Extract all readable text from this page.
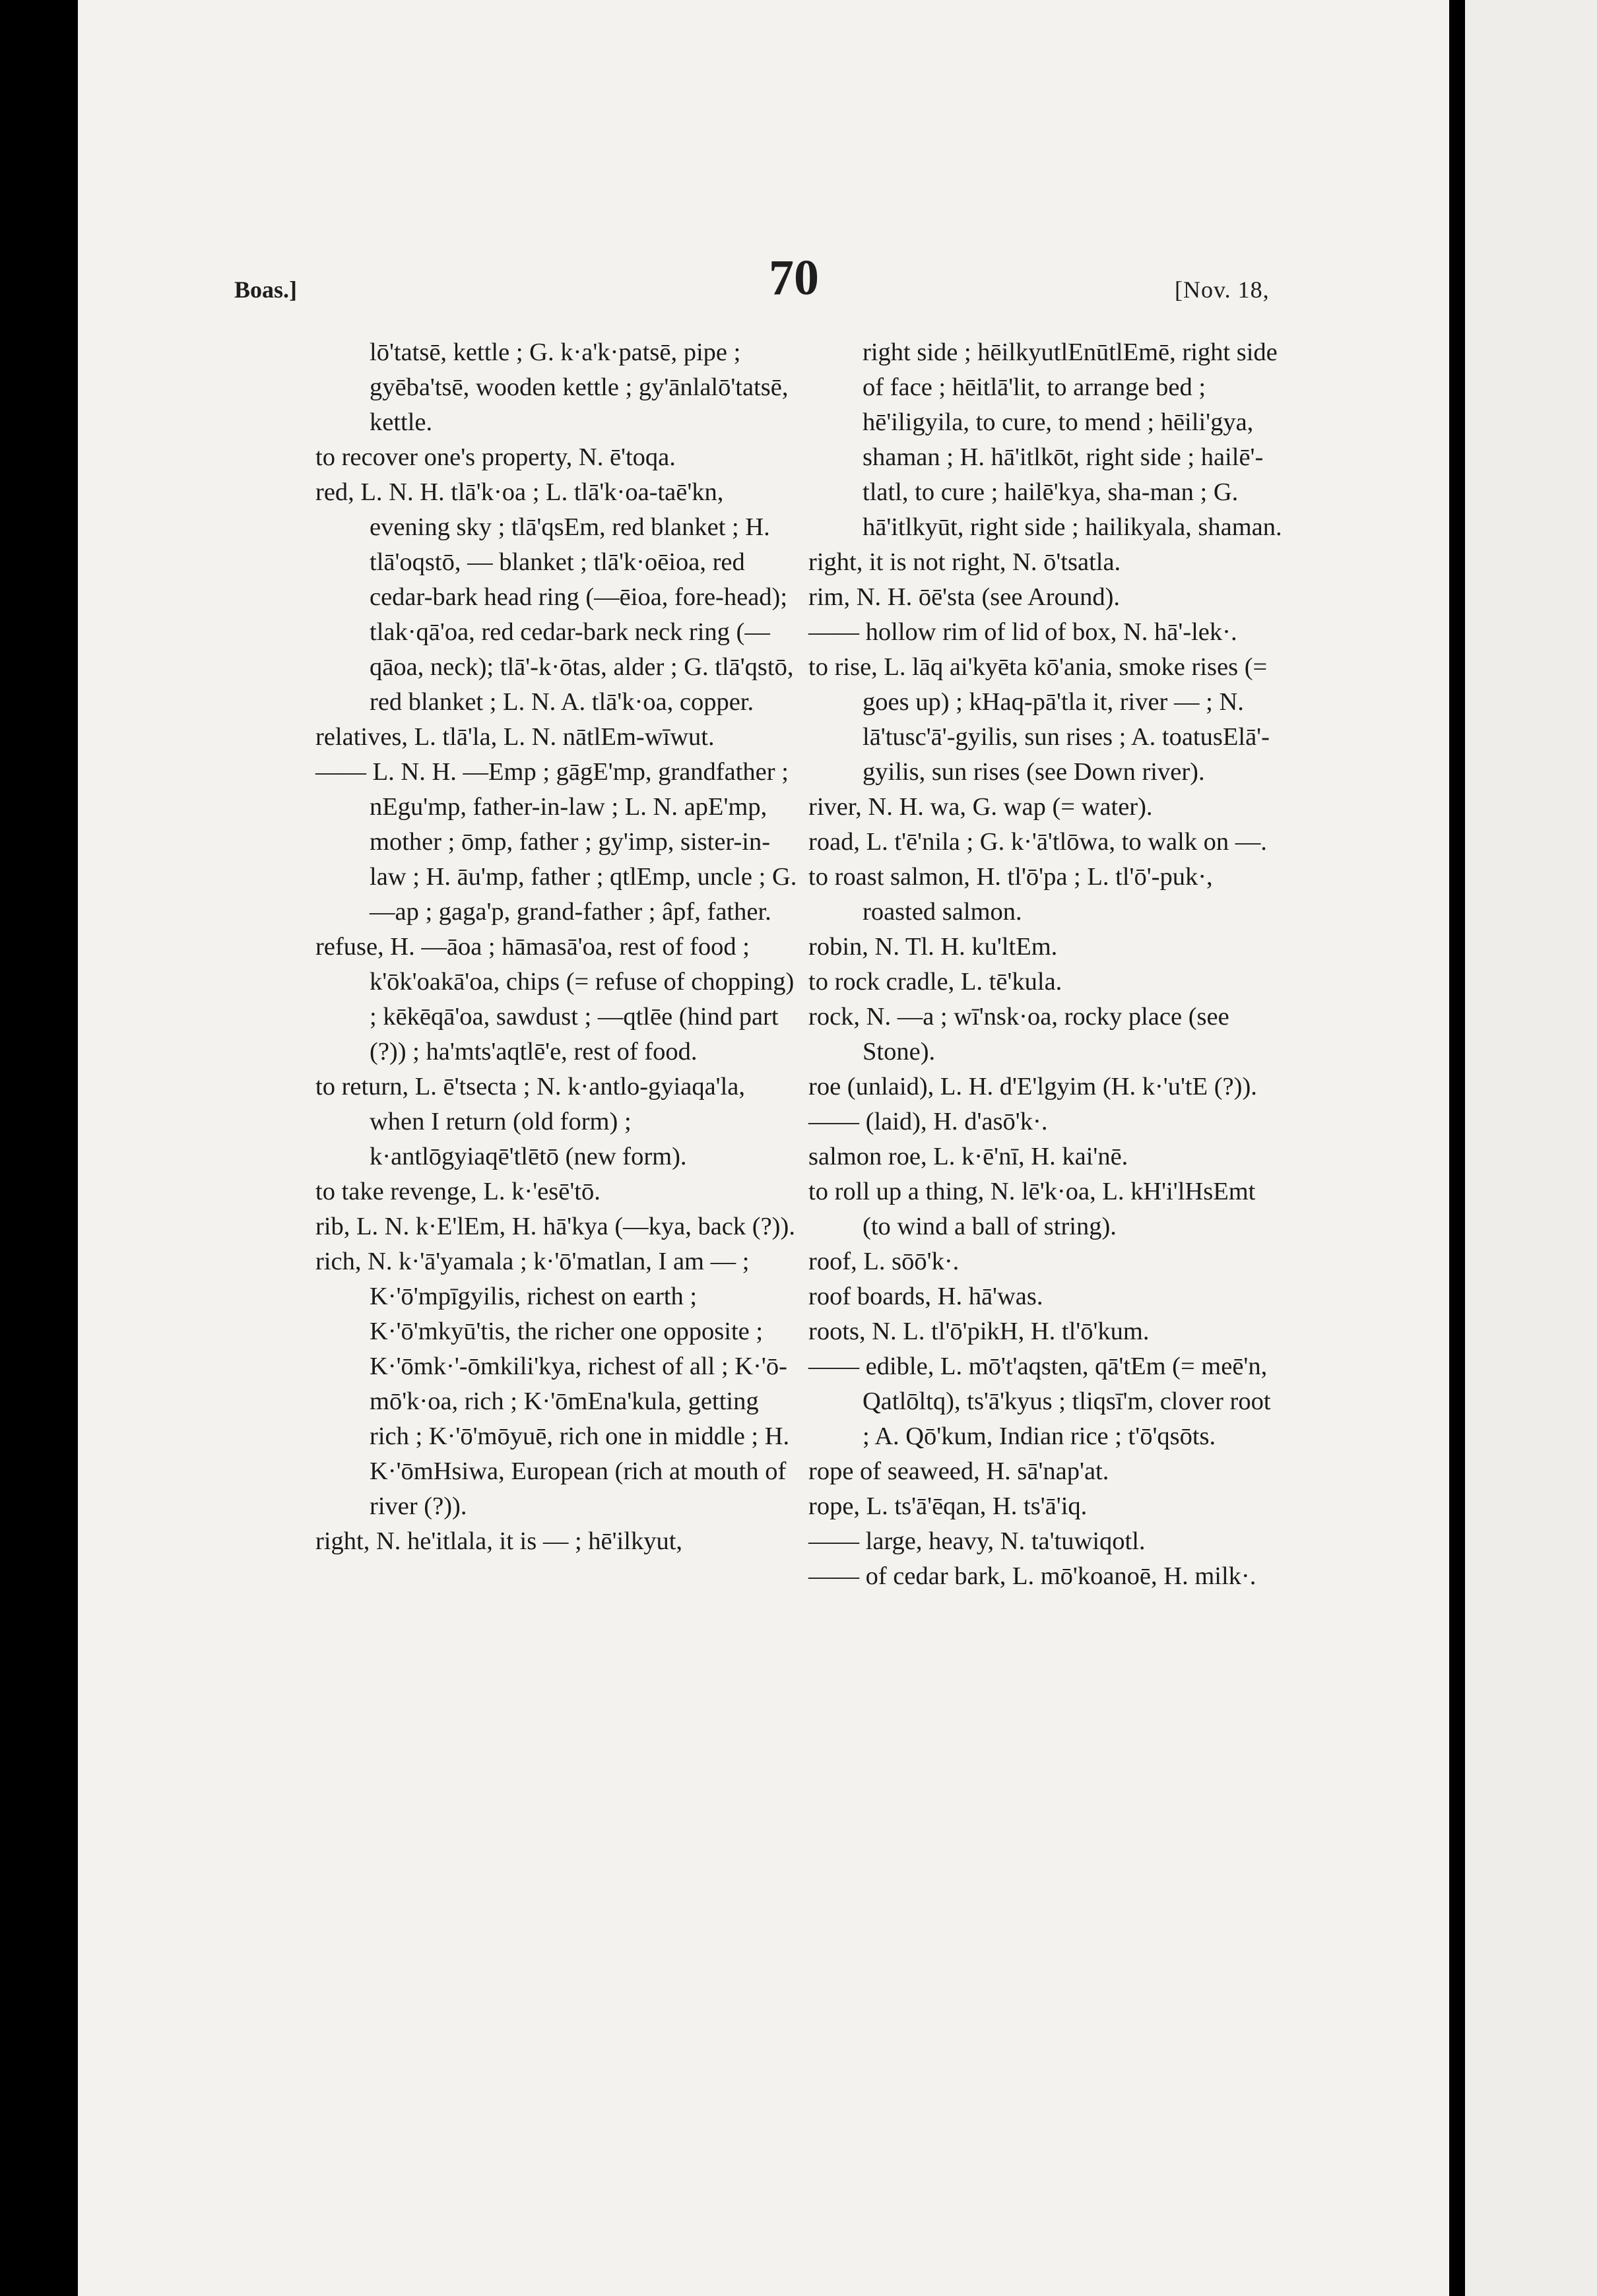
Boas.]	70	[Nov. 18,
lō'tatsē, kettle ; G. k·a'k·patsē, pipe ; gyēba'tsē, wooden kettle ; gy'ānlalō'tatsē, kettle.
to recover one's property, N. ē'toqa.
red, L. N. H. tlā'k·oa ; L. tlā'k·oa-taē'kn, evening sky ; tlā'qsEm, red blanket ; H. tlā'oqstō, — blanket ; tlā'k·oēioa, red cedar-bark head ring (—ēioa, fore-head); tlak·qā'oa, red cedar-bark neck ring (—qāoa, neck); tlā'-k·ōtas, alder ; G. tlā'qstō, red blanket ; L. N. A. tlā'k·oa, copper.
relatives, L. tlā'la, L. N. nātlEm-wīwut.
—— L. N. H. —Emp ; gāgE'mp, grandfather ; nEgu'mp, father-in-law ; L. N. apE'mp, mother ; ōmp, father ; gy'imp, sister-in-law ; H. āu'mp, father ; qtlEmp, uncle ; G. —ap ; gaga'p, grand-father ; âpf, father.
refuse, H. —āoa ; hāmasā'oa, rest of food ; k'ōk'oakā'oa, chips (= refuse of chopping) ; kēkēqā'oa, sawdust ; —qtlēe (hind part (?)) ; ha'mts'aqtlē'e, rest of food.
to return, L. ē'tsecta ; N. k·antlo-gyiaqa'la, when I return (old form) ; k·antlōgyiaqē'tlētō (new form).
to take revenge, L. k·'esē'tō.
rib, L. N. k·E'lEm, H. hā'kya (—kya, back (?)).
rich, N. k·'ā'yamala ; k·'ō'matlan, I am — ; K·'ō'mpīgyilis, richest on earth ; K·'ō'mkyū'tis, the richer one opposite ; K·'ōmk·'-ōmkili'kya, richest of all ; K·'ō-mō'k·oa, rich ; K·'ōmEna'kula, getting rich ; K·'ō'mōyuē, rich one in middle ; H. K·'ōmHsiwa, European (rich at mouth of river (?)).
right, N. he'itlala, it is — ; hē'ilkyut,
right side ; hēilkyutlEnūtlEmē, right side of face ; hēitlā'lit, to arrange bed ; hē'iligyila, to cure, to mend ; hēili'gya, shaman ; H. hā'itlkōt, right side ; hailē'-tlatl, to cure ; hailē'kya, sha-man ; G. hā'itlkyūt, right side ; hailikyala, shaman.
right, it is not right, N. ō'tsatla.
rim, N. H. ōē'sta (see Around).
—— hollow rim of lid of box, N. hā'-lek·.
to rise, L. lāq ai'kyēta kō'ania, smoke rises (= goes up) ; kHaq-pā'tla it, river — ; N. lā'tusc'ā'-gyilis, sun rises ; A. toatusElā'-gyilis, sun rises (see Down river).
river, N. H. wa, G. wap (= water).
road, L. t'ē'nila ; G. k·'ā'tlōwa, to walk on —.
to roast salmon, H. tl'ō'pa ; L. tl'ō'-puk·, roasted salmon.
robin, N. Tl. H. ku'ltEm.
to rock cradle, L. tē'kula.
rock, N. —a ; wī'nsk·oa, rocky place (see Stone).
roe (unlaid), L. H. d'E'lgyim (H. k·'u'tE (?)).
—— (laid), H. d'asō'k·.
salmon roe, L. k·ē'nī, H. kai'nē.
to roll up a thing, N. lē'k·oa, L. kH'i'lHsEmt (to wind a ball of string).
roof, L. sōō'k·.
roof boards, H. hā'was.
roots, N. L. tl'ō'pikH, H. tl'ō'kum.
—— edible, L. mō't'aqsten, qā'tEm (= meē'n, Qatlōltq), ts'ā'kyus ; tliqsī'm, clover root ; A. Qō'kum, Indian rice ; t'ō'qsōts.
rope of seaweed, H. sā'nap'at.
rope, L. ts'ā'ēqan, H. ts'ā'iq.
—— large, heavy, N. ta'tuwiqotl.
—— of cedar bark, L. mō'koanoē, H. milk·.
